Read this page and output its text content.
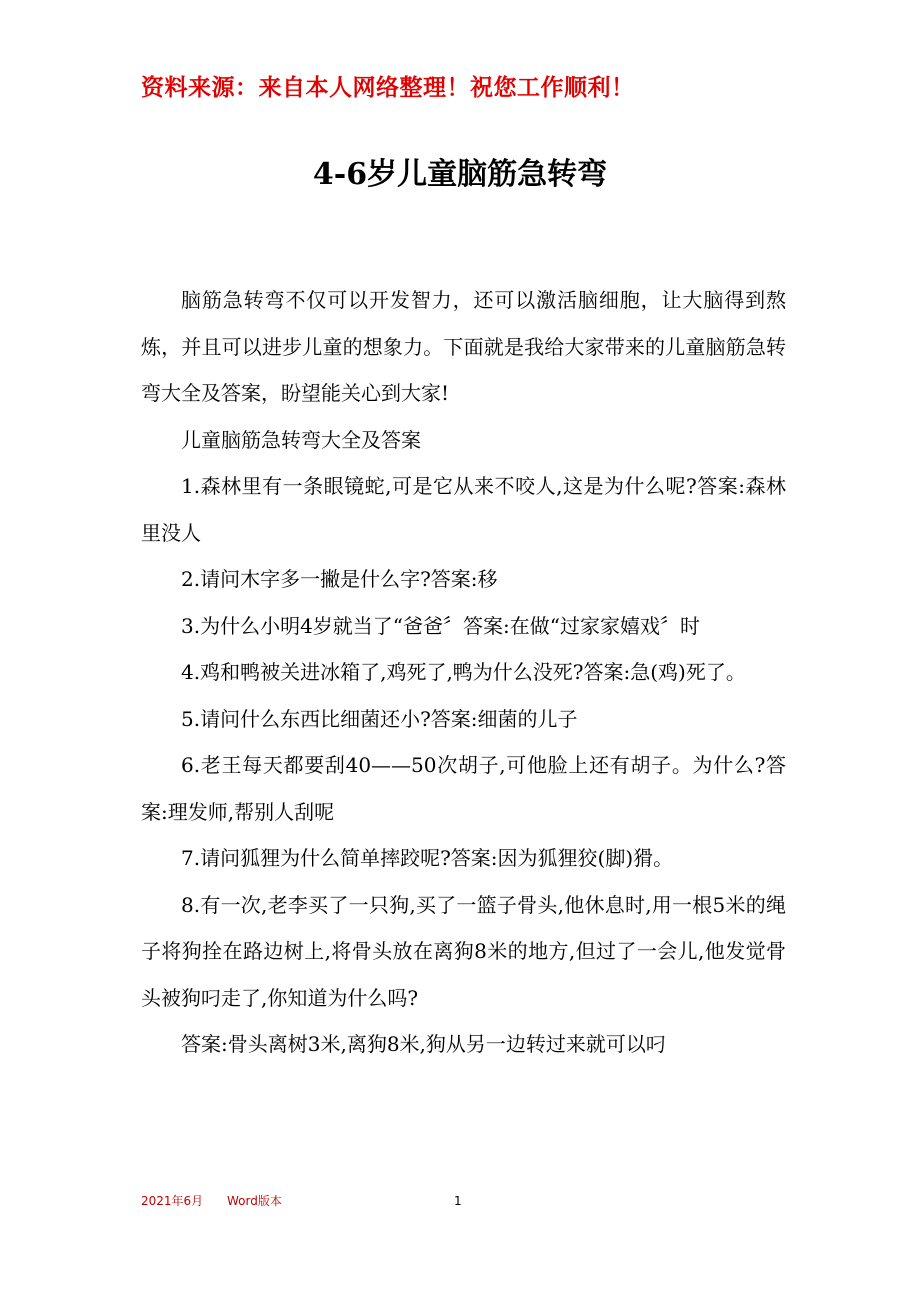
资料来源：来自本人网络整理！祝您工作顺利！
4-6岁儿童脑筋急转弯

脑筋急转弯不仅可以开发智力，还可以激活脑细胞，让大脑得到熬炼，并且可以进步儿童的想象力。下面就是我给大家带来的儿童脑筋急转弯大全及答案，盼望能关心到大家!

儿童脑筋急转弯大全及答案

1.森林里有一条眼镜蛇,可是它从来不咬人,这是为什么呢?答案:森林里没人

2.请问木字多一撇是什么字?答案:移

3.为什么小明4岁就当了“爸爸〞答案:在做“过家家嬉戏〞时

4.鸡和鸭被关进冰箱了,鸡死了,鸭为什么没死?答案:急(鸡)死了。

5.请问什么东西比细菌还小?答案:细菌的儿子

6.老王每天都要刮40——50次胡子,可他脸上还有胡子。为什么?答案:理发师,帮别人刮呢

7.请问狐狸为什么简单摔跤呢?答案:因为狐狸狡(脚)猾。

8.有一次,老李买了一只狗,买了一篮子骨头,他休息时,用一根5米的绳子将狗拴在路边树上,将骨头放在离狗8米的地方,但过了一会儿,他发觉骨头被狗叼走了,你知道为什么吗?

答案:骨头离树3米,离狗8米,狗从另一边转过来就可以叼

2021年6月 Word版本	1
